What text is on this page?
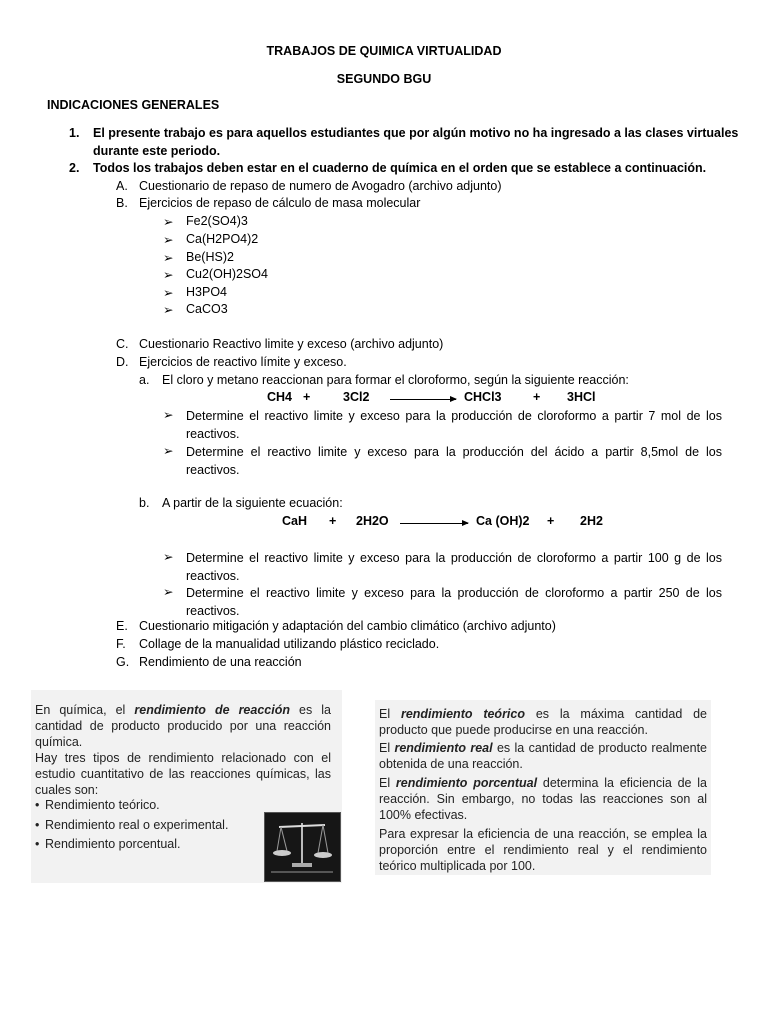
TRABAJOS DE QUIMICA VIRTUALIDAD
SEGUNDO BGU
INDICACIONES GENERALES
1. El presente trabajo es para aquellos estudiantes que por algún motivo no ha ingresado a las clases virtuales
durante este periodo.
2. Todos los trabajos deben estar en el cuaderno de química en el orden que se establece a continuación.
A. Cuestionario de repaso de numero de Avogadro (archivo adjunto)
B. Ejercicios de repaso de cálculo de masa molecular
➢ Fe2(SO4)3
➢ Ca(H2PO4)2
➢ Be(HS)2
➢ Cu2(OH)2SO4
➢ H3PO4
➢ CaCO3
C. Cuestionario Reactivo limite y exceso (archivo adjunto)
D. Ejercicios de reactivo límite y exceso.
a. El cloro y metano reaccionan para formar el cloroformo, según la siguiente reacción:
CH4 +	3Cl2	CHCl3	+ 3HCl
➢ Determine el reactivo limite y exceso para la producción de cloroformo a partir 7 mol de los reactivos.
➢ Determine el reactivo limite y exceso para la producción del ácido a partir 8,5mol de los reactivos.
b. A partir de la siguiente ecuación:
CaH + 2H2O	Ca (OH)2 + 2H2
➢ Determine el reactivo limite y exceso para la producción de cloroformo a partir 100 g de los reactivos.
➢ Determine el reactivo limite y exceso para la producción de cloroformo a partir 250 de los reactivos.
E. Cuestionario mitigación y adaptación del cambio climático (archivo adjunto)
F. Collage de la manualidad utilizando plástico reciclado.
G. Rendimiento de una reacción
En química, el rendimiento de reacción es la cantidad de producto producido por una reacción química.
Hay tres tipos de rendimiento relacionado con el estudio cuantitativo de las reacciones químicas, las cuales son:
• Rendimiento teórico.
• Rendimiento real o experimental.
• Rendimiento porcentual.
El rendimiento teórico es la máxima cantidad de producto que puede producirse en una reacción.
El rendimiento real es la cantidad de producto realmente obtenida de una reacción.
El rendimiento porcentual determina la eficiencia de la reacción. Sin embargo, no todas las reacciones son al 100% efectivas.
Para expresar la eficiencia de una reacción, se emplea la proporción entre el rendimiento real y el rendimiento teórico multiplicada por 100.
